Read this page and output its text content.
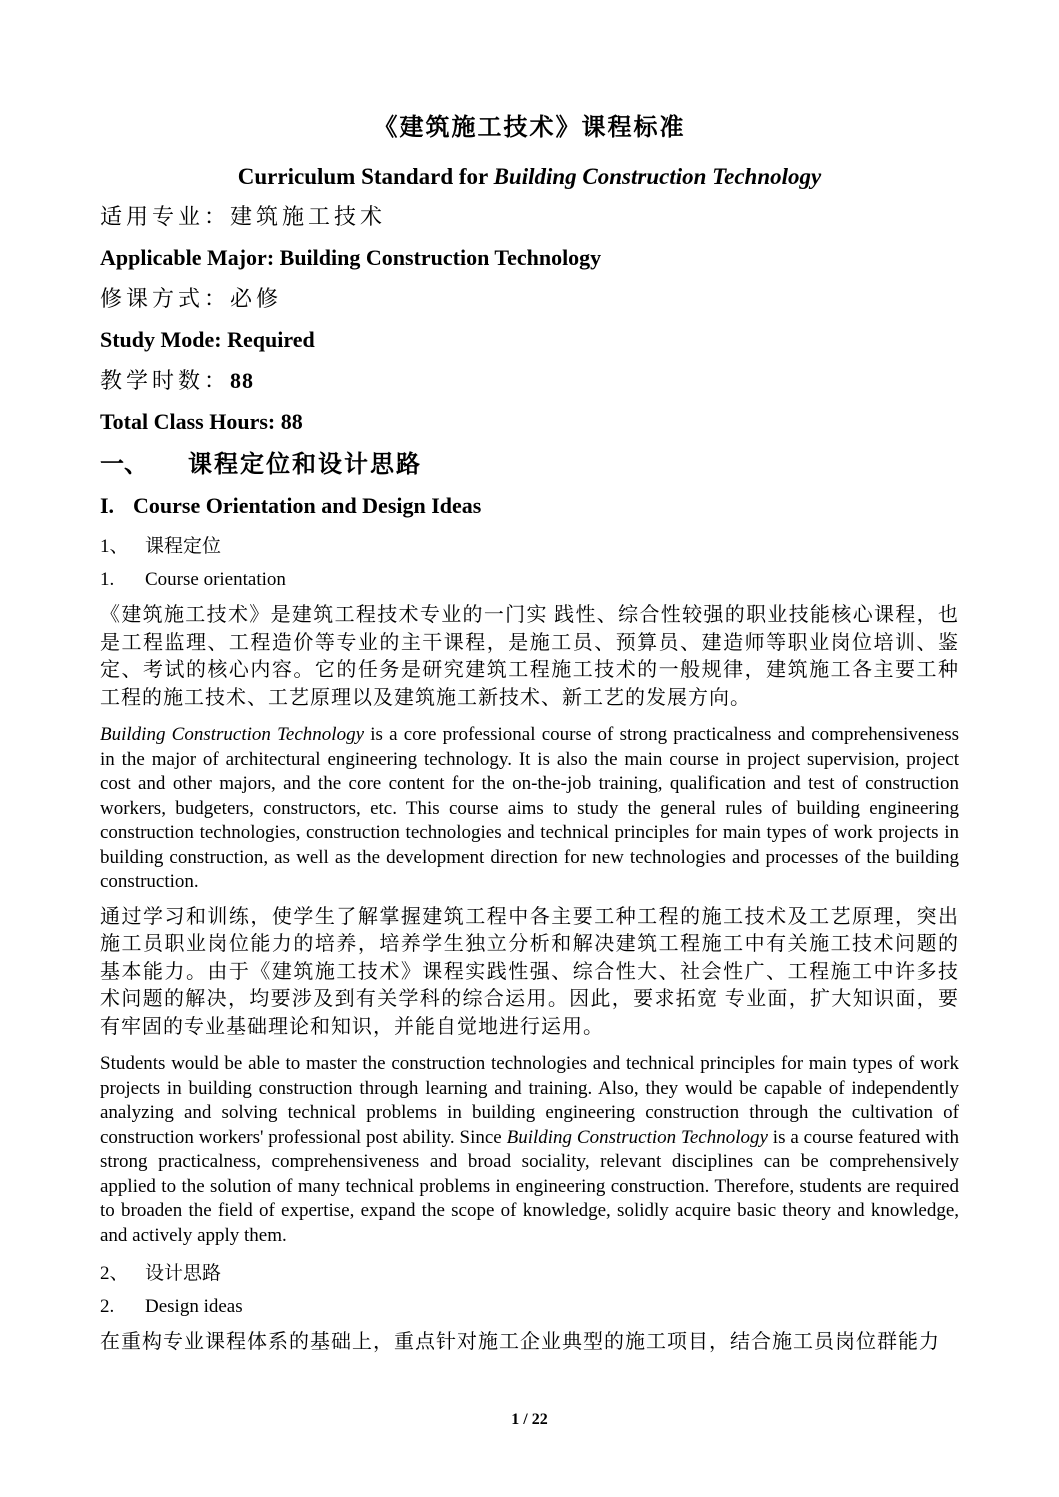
《建筑施工技术》课程标准
Curriculum Standard for Building Construction Technology

适用专业：建筑施工技术

Applicable Major: Building Construction Technology

修课方式：必修

Study Mode: Required

教学时数：88

Total Class Hours: 88

一、 课程定位和设计思路
I. Course Orientation and Design Ideas

1、 课程定位

1. Course orientation

《建筑施工技术》是建筑工程技术专业的一门实 践性、综合性较强的职业技能核心课程，也是工程监理、工程造价等专业的主干课程，是施工员、预算员、建造师等职业岗位培训、鉴定、考试的核心内容。它的任务是研究建筑工程施工技术的一般规律，建筑施工各主要工种工程的施工技术、工艺原理以及建筑施工新技术、新工艺的发展方向。

Building Construction Technology is a core professional course of strong practicalness and comprehensiveness in the major of architectural engineering technology. It is also the main course in project supervision, project cost and other majors, and the core content for the on-the-job training, qualification and test of construction workers, budgeters, constructors, etc. This course aims to study the general rules of building engineering construction technologies, construction technologies and technical principles for main types of work projects in building construction, as well as the development direction for new technologies and processes of the building construction.

通过学习和训练，使学生了解掌握建筑工程中各主要工种工程的施工技术及工艺原理，突出施工员职业岗位能力的培养，培养学生独立分析和解决建筑工程施工中有关施工技术问题的基本能力。由于《建筑施工技术》课程实践性强、综合性大、社会性广、工程施工中许多技术问题的解决，均要涉及到有关学科的综合运用。因此，要求拓宽 专业面，扩大知识面，要有牢固的专业基础理论和知识，并能自觉地进行运用。

Students would be able to master the construction technologies and technical principles for main types of work projects in building construction through learning and training. Also, they would be capable of independently analyzing and solving technical problems in building engineering construction through the cultivation of construction workers' professional post ability. Since Building Construction Technology is a course featured with strong practicalness, comprehensiveness and broad sociality, relevant disciplines can be comprehensively applied to the solution of many technical problems in engineering construction. Therefore, students are required to broaden the field of expertise, expand the scope of knowledge, solidly acquire basic theory and knowledge, and actively apply them.

2、 设计思路

2. Design ideas

在重构专业课程体系的基础上，重点针对施工企业典型的施工项目，结合施工员岗位群能力

1 / 22
